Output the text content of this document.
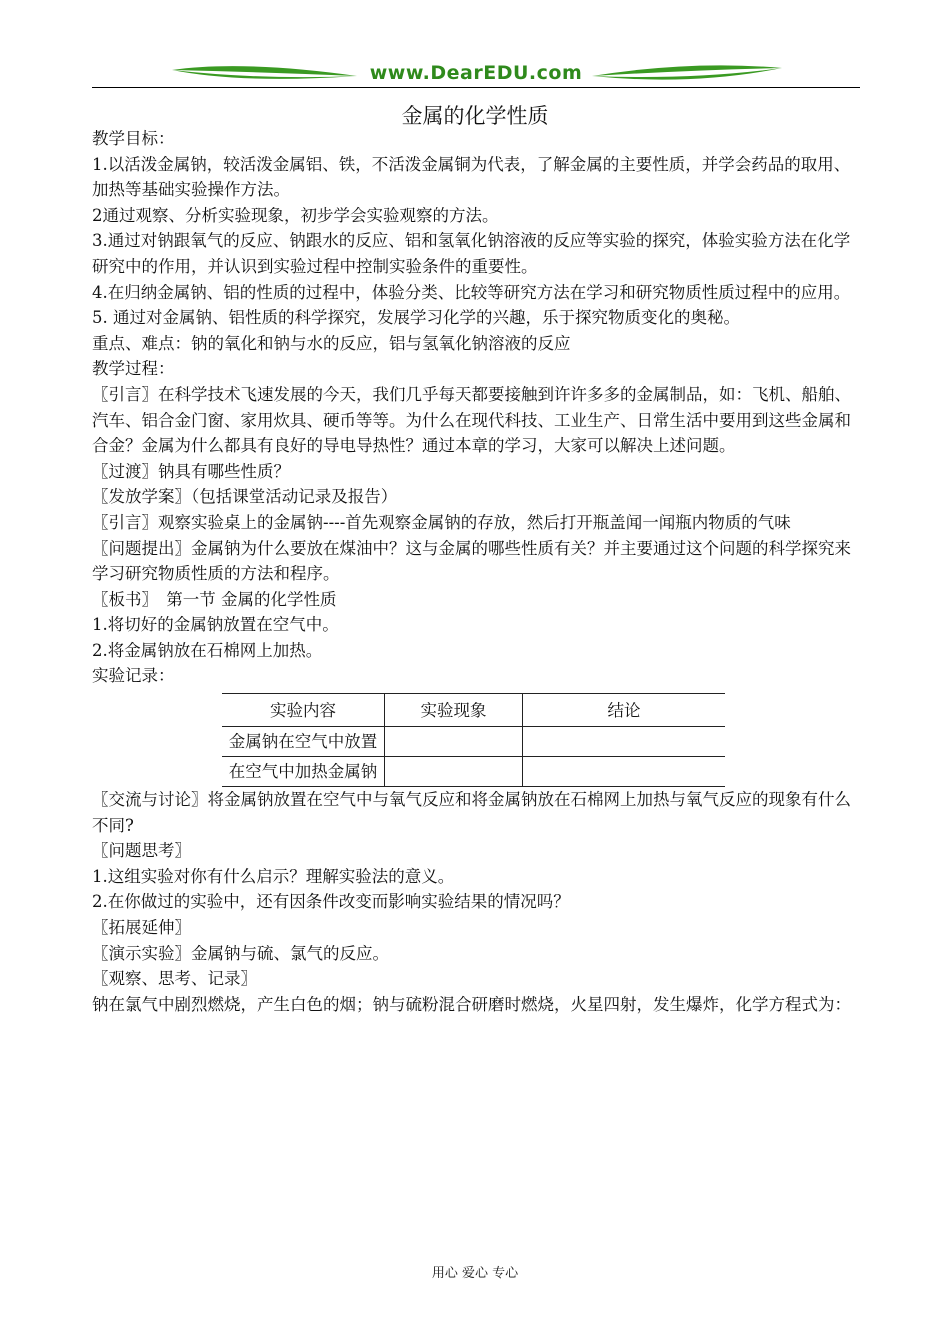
www.DearEDU.com
金属的化学性质

教学目标：

1.以活泼金属钠，较活泼金属铝、铁，不活泼金属铜为代表，了解金属的主要性质，并学会药品的取用、加热等基础实验操作方法。

2通过观察、分析实验现象，初步学会实验观察的方法。

3.通过对钠跟氧气的反应、钠跟水的反应、铝和氢氧化钠溶液的反应等实验的探究，体验实验方法在化学研究中的作用，并认识到实验过程中控制实验条件的重要性。

4.在归纳金属钠、铝的性质的过程中，体验分类、比较等研究方法在学习和研究物质性质过程中的应用。

5. 通过对金属钠、铝性质的科学探究，发展学习化学的兴趣，乐于探究物质变化的奥秘。

重点、难点：钠的氧化和钠与水的反应，铝与氢氧化钠溶液的反应

教学过程：

〖引言〗在科学技术飞速发展的今天，我们几乎每天都要接触到许许多多的金属制品，如：飞机、船舶、汽车、铝合金门窗、家用炊具、硬币等等。为什么在现代科技、工业生产、日常生活中要用到这些金属和合金？金属为什么都具有良好的导电导热性？通过本章的学习，大家可以解决上述问题。

〖过渡〗钠具有哪些性质？

〖发放学案〗（包括课堂活动记录及报告）

〖引言〗观察实验桌上的金属钠----首先观察金属钠的存放，然后打开瓶盖闻一闻瓶内物质的气味

〖问题提出〗金属钠为什么要放在煤油中？这与金属的哪些性质有关？并主要通过这个问题的科学探究来学习研究物质性质的方法和程序。

〖板书〗　第一节 金属的化学性质

1.将切好的金属钠放置在空气中。

2.将金属钠放在石棉网上加热。

实验记录：

实验内容	实验现象	结论
金属钠在空气中放置		
在空气中加热金属钠		

〖交流与讨论〗将金属钠放置在空气中与氧气反应和将金属钠放在石棉网上加热与氧气反应的现象有什么不同?

〖问题思考〗

1.这组实验对你有什么启示？理解实验法的意义。

2.在你做过的实验中，还有因条件改变而影响实验结果的情况吗？

〖拓展延伸〗

〖演示实验〗金属钠与硫、氯气的反应。

〖观察、思考、记录〗

钠在氯气中剧烈燃烧，产生白色的烟；钠与硫粉混合研磨时燃烧，火星四射，发生爆炸，化学方程式为：

用心 爱心 专心
